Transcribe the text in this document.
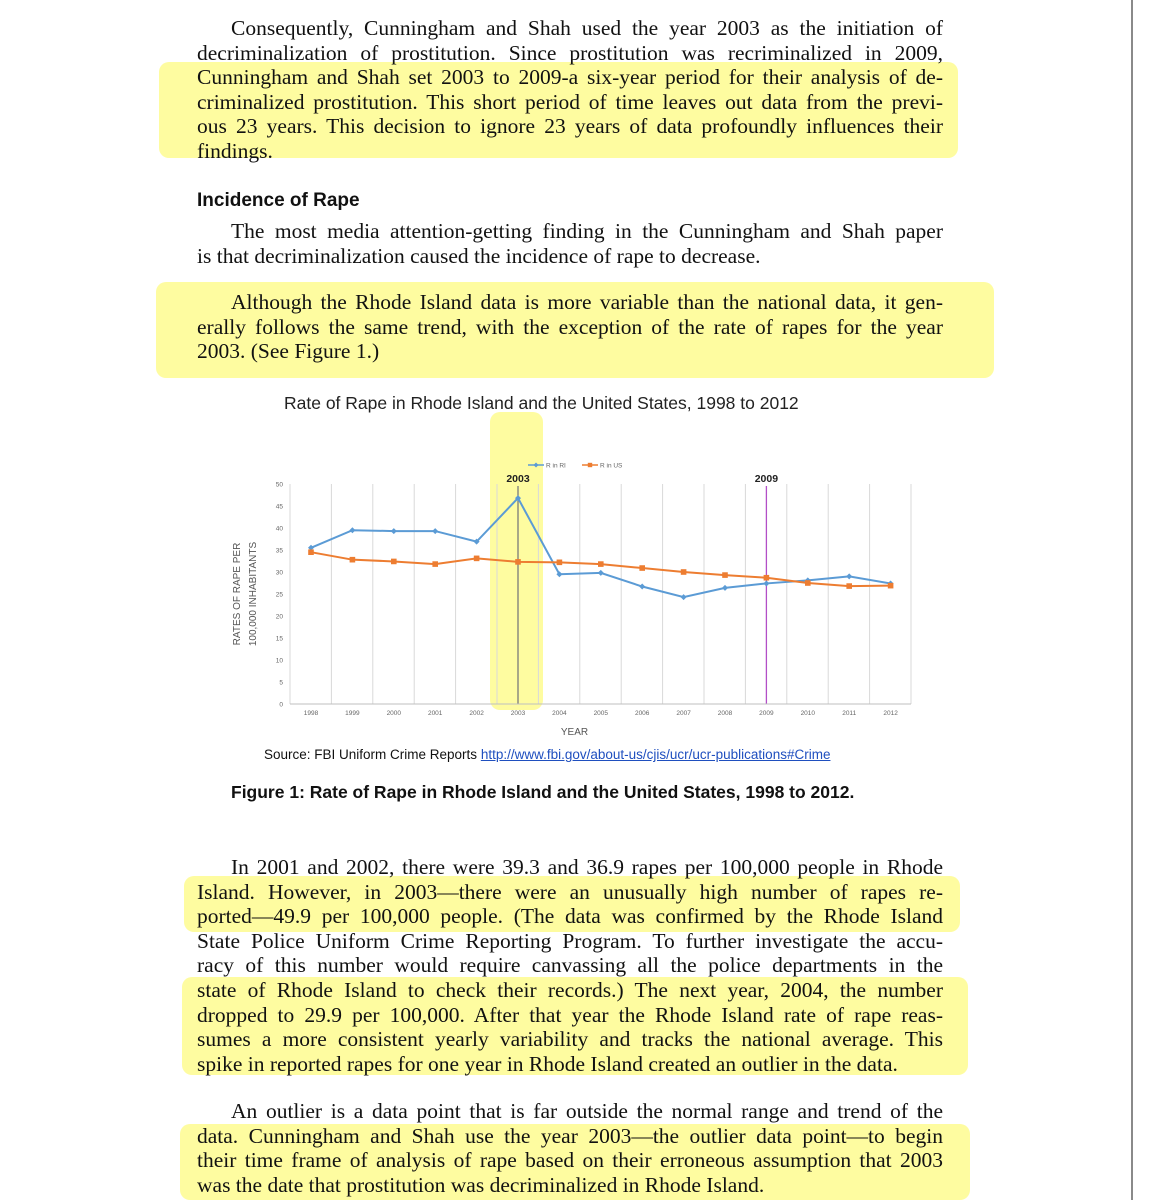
Consequently, Cunningham and Shah used the year 2003 as the initiation of
decriminalization of prostitution. Since prostitution was recriminalized in 2009,
Cunningham and Shah set 2003 to 2009-a six-year period for their analysis of de-
criminalized prostitution. This short period of time leaves out data from the previ-
ous 23 years. This decision to ignore 23 years of data profoundly influences their
findings.
Incidence of Rape
The most media attention-getting finding in the Cunningham and Shah paper
is that decriminalization caused the incidence of rape to decrease.
Although the Rhode Island data is more variable than the national data, it gen-
erally follows the same trend, with the exception of the rate of rapes for the year
2003. (See Figure 1.)
Rate of Rape in Rhode Island and the United States, 1998 to 2012
0
5
10
15
20
25
30
35
40
45
50
1998	1999	2000	2001	2002	2003	2004	2005	2006	2007	2008	2009	2010	2011	2012
YEAR
RATES OF RAPE PER 100,000 INHABITANTS
2003	2009
R in RI	R in US
Source: FBI Uniform Crime Reports http://www.fbi.gov/about-us/cjis/ucr/ucr-publications#Crime
Figure 1: Rate of Rape in Rhode Island and the United States, 1998 to 2012.
In 2001 and 2002, there were 39.3 and 36.9 rapes per 100,000 people in Rhode
Island. However, in 2003—there were an unusually high number of rapes re-
ported—49.9 per 100,000 people. (The data was confirmed by the Rhode Island
State Police Uniform Crime Reporting Program. To further investigate the accu-
racy of this number would require canvassing all the police departments in the
state of Rhode Island to check their records.) The next year, 2004, the number
dropped to 29.9 per 100,000. After that year the Rhode Island rate of rape reas-
sumes a more consistent yearly variability and tracks the national average. This
spike in reported rapes for one year in Rhode Island created an outlier in the data.
An outlier is a data point that is far outside the normal range and trend of the
data. Cunningham and Shah use the year 2003—the outlier data point—to begin
their time frame of analysis of rape based on their erroneous assumption that 2003
was the date that prostitution was decriminalized in Rhode Island.
